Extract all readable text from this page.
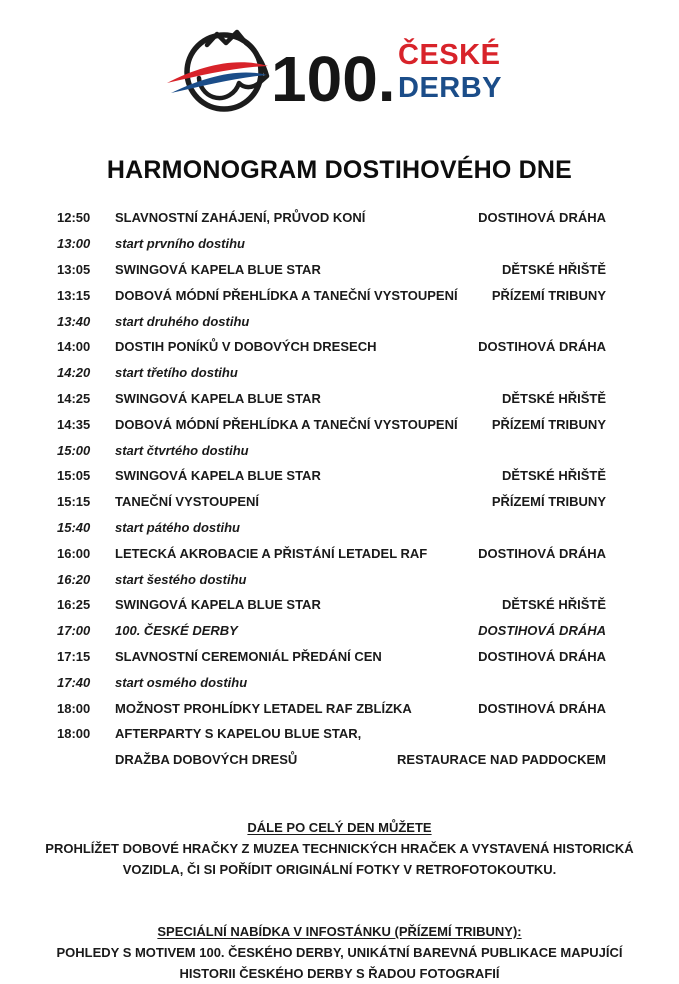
100. ČESKÉ
DERBY
HARMONOGRAM DOSTIHOVÉHO DNE
12:50	SLAVNOSTNÍ ZAHÁJENÍ, PRŮVOD KONÍ	DOSTIHOVÁ DRÁHA
13:00	start prvního dostihu
13:05	SWINGOVÁ KAPELA BLUE STAR	DĚTSKÉ HŘIŠTĚ
13:15	DOBOVÁ MÓDNÍ PŘEHLÍDKA A TANEČNÍ VYSTOUPENÍ	PŘÍZEMÍ TRIBUNY
13:40	start druhého dostihu
14:00	DOSTIH PONÍKŮ V DOBOVÝCH DRESECH	DOSTIHOVÁ DRÁHA
14:20	start třetího dostihu
14:25	SWINGOVÁ KAPELA BLUE STAR	DĚTSKÉ HŘIŠTĚ
14:35	DOBOVÁ MÓDNÍ PŘEHLÍDKA A TANEČNÍ VYSTOUPENÍ	PŘÍZEMÍ TRIBUNY
15:00	start čtvrtého dostihu
15:05	SWINGOVÁ KAPELA BLUE STAR	DĚTSKÉ HŘIŠTĚ
15:15	TANEČNÍ VYSTOUPENÍ	PŘÍZEMÍ TRIBUNY
15:40	start pátého dostihu
16:00	LETECKÁ AKROBACIE A PŘISTÁNÍ LETADEL RAF	DOSTIHOVÁ DRÁHA
16:20	start šestého dostihu
16:25	SWINGOVÁ KAPELA BLUE STAR	DĚTSKÉ HŘIŠTĚ
17:00	100. ČESKÉ DERBY	DOSTIHOVÁ DRÁHA
17:15	SLAVNOSTNÍ CEREMONIÁL PŘEDÁNÍ CEN	DOSTIHOVÁ DRÁHA
17:40	start osmého dostihu
18:00	MOŽNOST PROHLÍDKY LETADEL RAF ZBLÍZKA	DOSTIHOVÁ DRÁHA
18:00	AFTERPARTY S KAPELOU BLUE STAR,
DRAŽBA DOBOVÝCH DRESŮ	RESTAURACE NAD PADDOCKEM
DÁLE PO CELÝ DEN MŮŽETE
PROHLÍŽET DOBOVÉ HRAČKY Z MUZEA TECHNICKÝCH HRAČEK A VYSTAVENÁ HISTORICKÁ
VOZIDLA, ČI SI POŘÍDIT ORIGINÁLNÍ FOTKY V RETROFOTOKOUTKU.
SPECIÁLNÍ NABÍDKA V INFOSTÁNKU (PŘÍZEMÍ TRIBUNY):
POHLEDY S MOTIVEM 100. ČESKÉHO DERBY, UNIKÁTNÍ BAREVNÁ PUBLIKACE MAPUJÍCÍ
HISTORII ČESKÉHO DERBY S ŘADOU FOTOGRAFIÍ
